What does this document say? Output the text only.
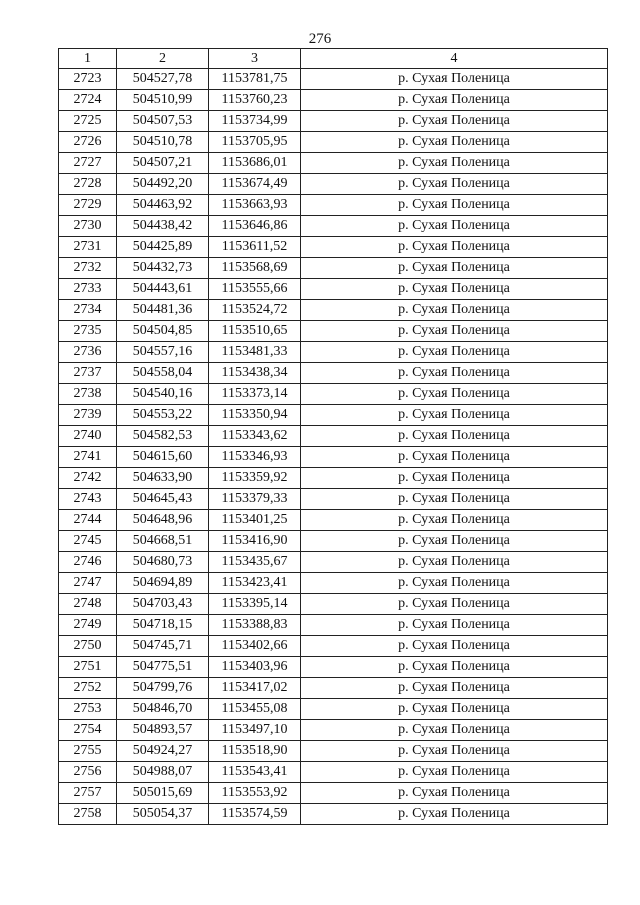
276
1	2	3	4
2723	504527,78	1153781,75	р. Сухая Поленица
2724	504510,99	1153760,23	р. Сухая Поленица
2725	504507,53	1153734,99	р. Сухая Поленица
2726	504510,78	1153705,95	р. Сухая Поленица
2727	504507,21	1153686,01	р. Сухая Поленица
2728	504492,20	1153674,49	р. Сухая Поленица
2729	504463,92	1153663,93	р. Сухая Поленица
2730	504438,42	1153646,86	р. Сухая Поленица
2731	504425,89	1153611,52	р. Сухая Поленица
2732	504432,73	1153568,69	р. Сухая Поленица
2733	504443,61	1153555,66	р. Сухая Поленица
2734	504481,36	1153524,72	р. Сухая Поленица
2735	504504,85	1153510,65	р. Сухая Поленица
2736	504557,16	1153481,33	р. Сухая Поленица
2737	504558,04	1153438,34	р. Сухая Поленица
2738	504540,16	1153373,14	р. Сухая Поленица
2739	504553,22	1153350,94	р. Сухая Поленица
2740	504582,53	1153343,62	р. Сухая Поленица
2741	504615,60	1153346,93	р. Сухая Поленица
2742	504633,90	1153359,92	р. Сухая Поленица
2743	504645,43	1153379,33	р. Сухая Поленица
2744	504648,96	1153401,25	р. Сухая Поленица
2745	504668,51	1153416,90	р. Сухая Поленица
2746	504680,73	1153435,67	р. Сухая Поленица
2747	504694,89	1153423,41	р. Сухая Поленица
2748	504703,43	1153395,14	р. Сухая Поленица
2749	504718,15	1153388,83	р. Сухая Поленица
2750	504745,71	1153402,66	р. Сухая Поленица
2751	504775,51	1153403,96	р. Сухая Поленица
2752	504799,76	1153417,02	р. Сухая Поленица
2753	504846,70	1153455,08	р. Сухая Поленица
2754	504893,57	1153497,10	р. Сухая Поленица
2755	504924,27	1153518,90	р. Сухая Поленица
2756	504988,07	1153543,41	р. Сухая Поленица
2757	505015,69	1153553,92	р. Сухая Поленица
2758	505054,37	1153574,59	р. Сухая Поленица
